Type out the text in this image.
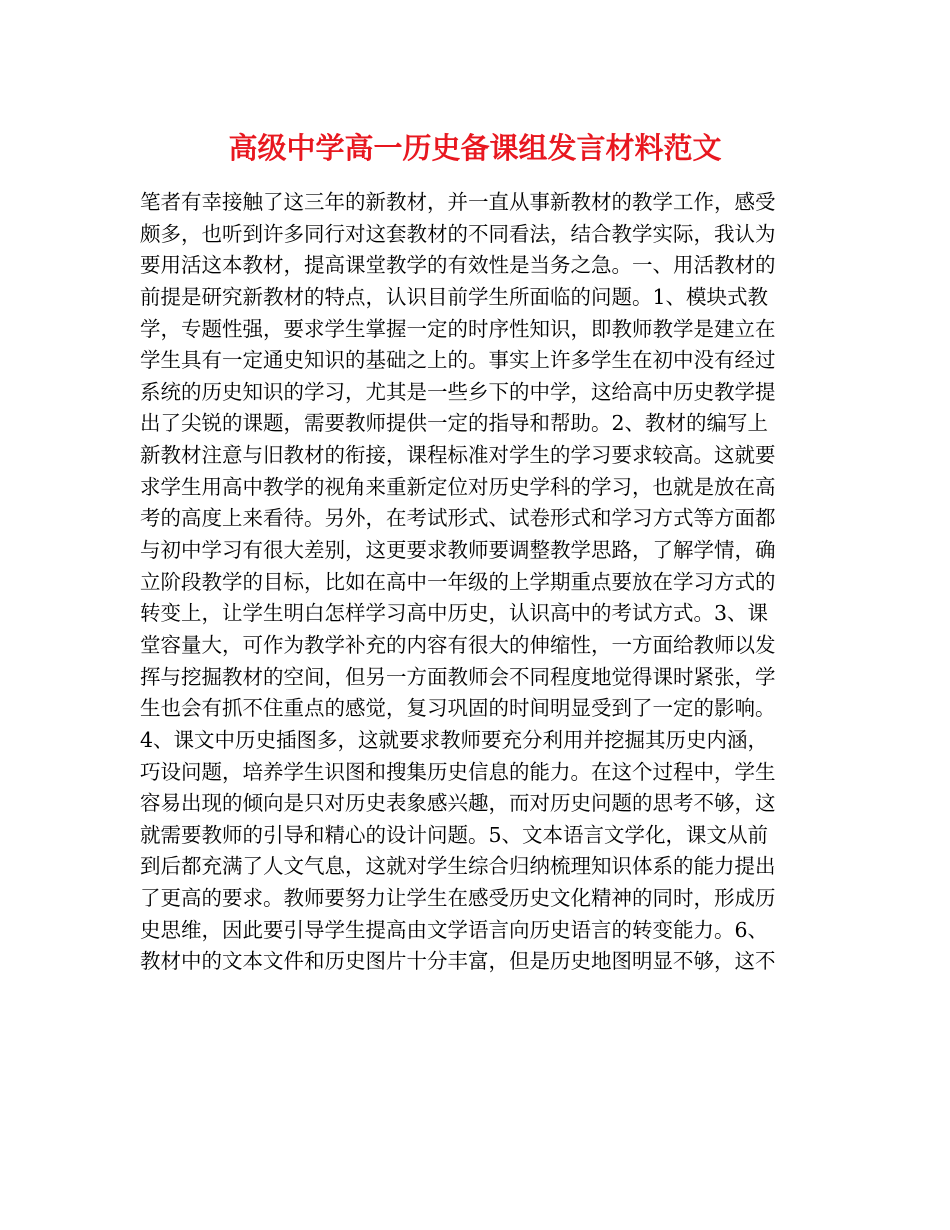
高级中学高一历史备课组发言材料范文
笔者有幸接触了这三年的新教材，并一直从事新教材的教学工作，感受
颇多，也听到许多同行对这套教材的不同看法，结合教学实际，我认为
要用活这本教材，提高课堂教学的有效性是当务之急。一、用活教材的
前提是研究新教材的特点，认识目前学生所面临的问题。1、模块式教
学，专题性强，要求学生掌握一定的时序性知识，即教师教学是建立在
学生具有一定通史知识的基础之上的。事实上许多学生在初中没有经过
系统的历史知识的学习，尤其是一些乡下的中学，这给高中历史教学提
出了尖锐的课题，需要教师提供一定的指导和帮助。2、教材的编写上
新教材注意与旧教材的衔接，课程标准对学生的学习要求较高。这就要
求学生用高中教学的视角来重新定位对历史学科的学习，也就是放在高
考的高度上来看待。另外，在考试形式、试卷形式和学习方式等方面都
与初中学习有很大差别，这更要求教师要调整教学思路，了解学情，确
立阶段教学的目标，比如在高中一年级的上学期重点要放在学习方式的
转变上，让学生明白怎样学习高中历史，认识高中的考试方式。3、课
堂容量大，可作为教学补充的内容有很大的伸缩性，一方面给教师以发
挥与挖掘教材的空间，但另一方面教师会不同程度地觉得课时紧张，学
生也会有抓不住重点的感觉，复习巩固的时间明显受到了一定的影响。
4、课文中历史插图多，这就要求教师要充分利用并挖掘其历史内涵，
巧设问题，培养学生识图和搜集历史信息的能力。在这个过程中，学生
容易出现的倾向是只对历史表象感兴趣，而对历史问题的思考不够，这
就需要教师的引导和精心的设计问题。5、文本语言文学化，课文从前
到后都充满了人文气息，这就对学生综合归纳梳理知识体系的能力提出
了更高的要求。教师要努力让学生在感受历史文化精神的同时，形成历
史思维，因此要引导学生提高由文学语言向历史语言的转变能力。6、
教材中的文本文件和历史图片十分丰富，但是历史地图明显不够，这不
